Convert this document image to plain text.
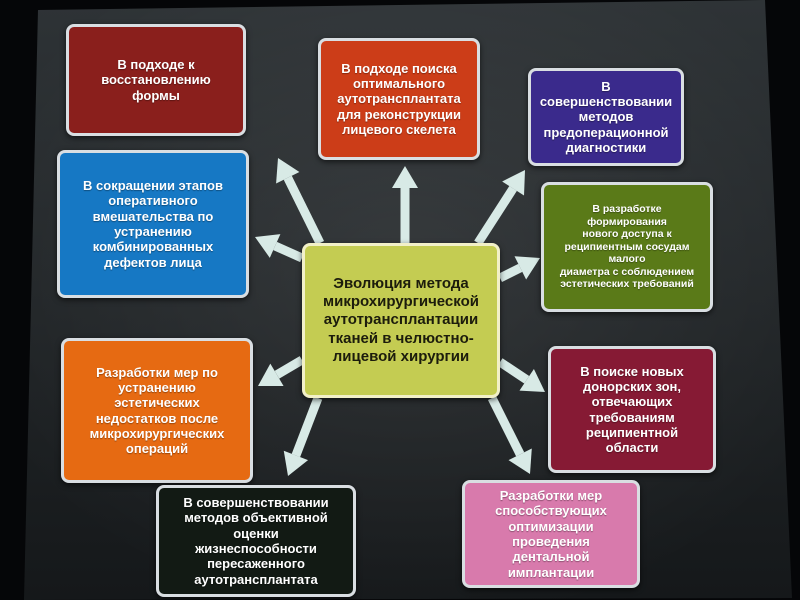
Эволюция метода
микрохирургической
аутотрансплантации
тканей в челюстно-
лицевой хирургии
В подходе к
восстановлению
формы
В подходе поиска
оптимального
аутотрансплантата
для реконструкции
лицевого скелета
В совершенствовании
методов
предоперационной
диагностики
В сокращении этапов
оперативного
вмешательства по
устранению
комбинированных
дефектов лица
В разработке формирования
нового доступа к
реципиентным сосудам малого
диаметра с соблюдением
эстетических требований
Разработки мер по
устранению
эстетических
недостатков после
микрохирургических
операций
В поиске новых
донорских зон,
отвечающих требованиям
реципиентной области
В совершенствовании
методов объективной
оценки
жизнеспособности
пересаженного
аутотрансплантата
Разработки мер
способствующих
оптимизации проведения
дентальной имплантации
